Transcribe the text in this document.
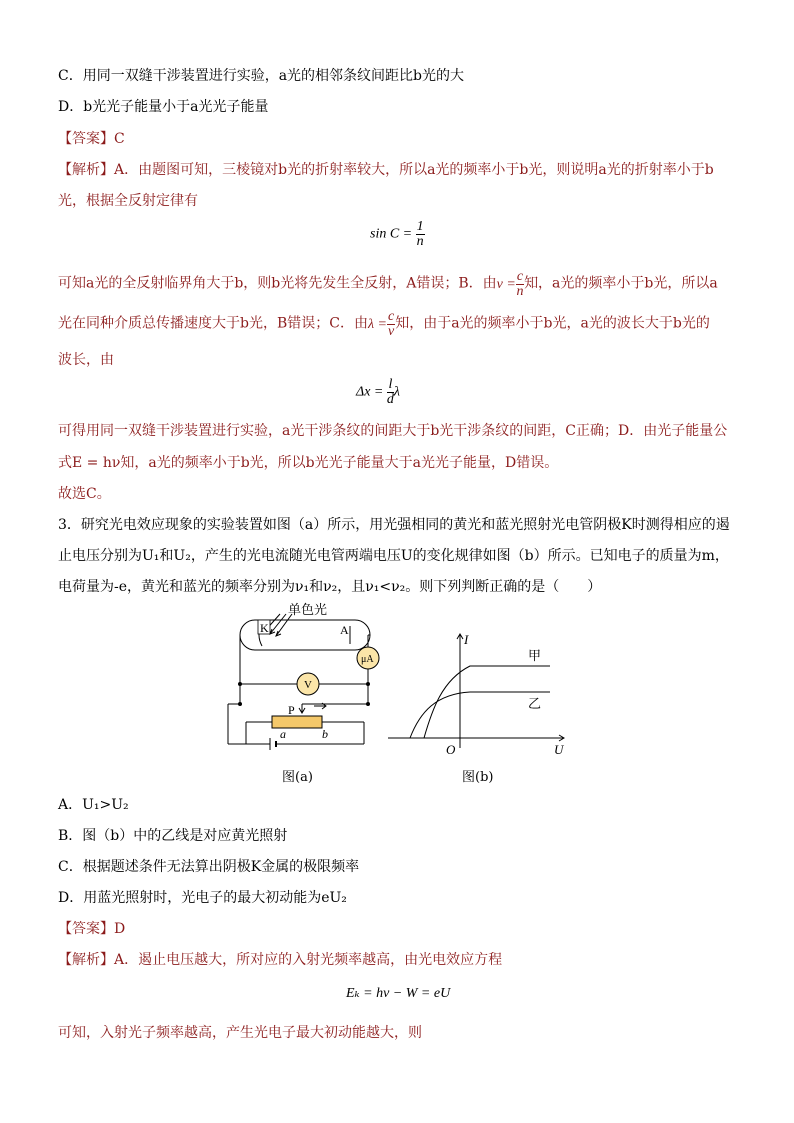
C．用同一双缝干涉装置进行实验，a光的相邻条纹间距比b光的大
D．b光光子能量小于a光光子能量
【答案】C
【解析】A．由题图可知，三棱镜对b光的折射率较大，所以a光的频率小于b光，则说明a光的折射率小于b
光，根据全反射定律有
$\sin C = \frac{1}{n}$
可知a光的全反射临界角大于b，则b光将先发生全反射，A错误；B．由$v = \frac{c}{n}$ 知，a光的频率小于b光，所以a
光在同种介质总传播速度大于b光，B错误；C．由$\lambda = \frac{c}{\nu}$ 知，由于a光的频率小于b光，a光的波长大于b光的
波长，由
$\Delta x = \frac{l}{d}$ λ
可得用同一双缝干涉装置进行实验，a光干涉条纹的间距大于b光干涉条纹的间距，C正确；D．由光子能量公
式E = hν知，a光的频率小于b光，所以b光光子能量大于a光光子能量，D错误。
故选C。
3．研究光电效应现象的实验装置如图（a）所示，用光强相同的黄光和蓝光照射光电管阴极K时测得相应的遏
止电压分别为U₁和U₂，产生的光电流随光电管两端电压U的变化规律如图（b）所示。已知电子的质量为m，
电荷量为-e，黄光和蓝光的频率分别为ν₁和ν₂，且ν₁<ν₂。则下列判断正确的是（　　）
K	A
单色光
μA
V
P
a	b
图(a)
I
U
O
甲
乙
图(b)
A．U₁>U₂
B．图（b）中的乙线是对应黄光照射
C．根据题述条件无法算出阴极K金属的极限频率
D．用蓝光照射时，光电子的最大初动能为eU₂
【答案】D
【解析】A．遏止电压越大，所对应的入射光频率越高，由光电效应方程
Eₖ = hν − W = eU
可知，入射光子频率越高，产生光电子最大初动能越大，则
